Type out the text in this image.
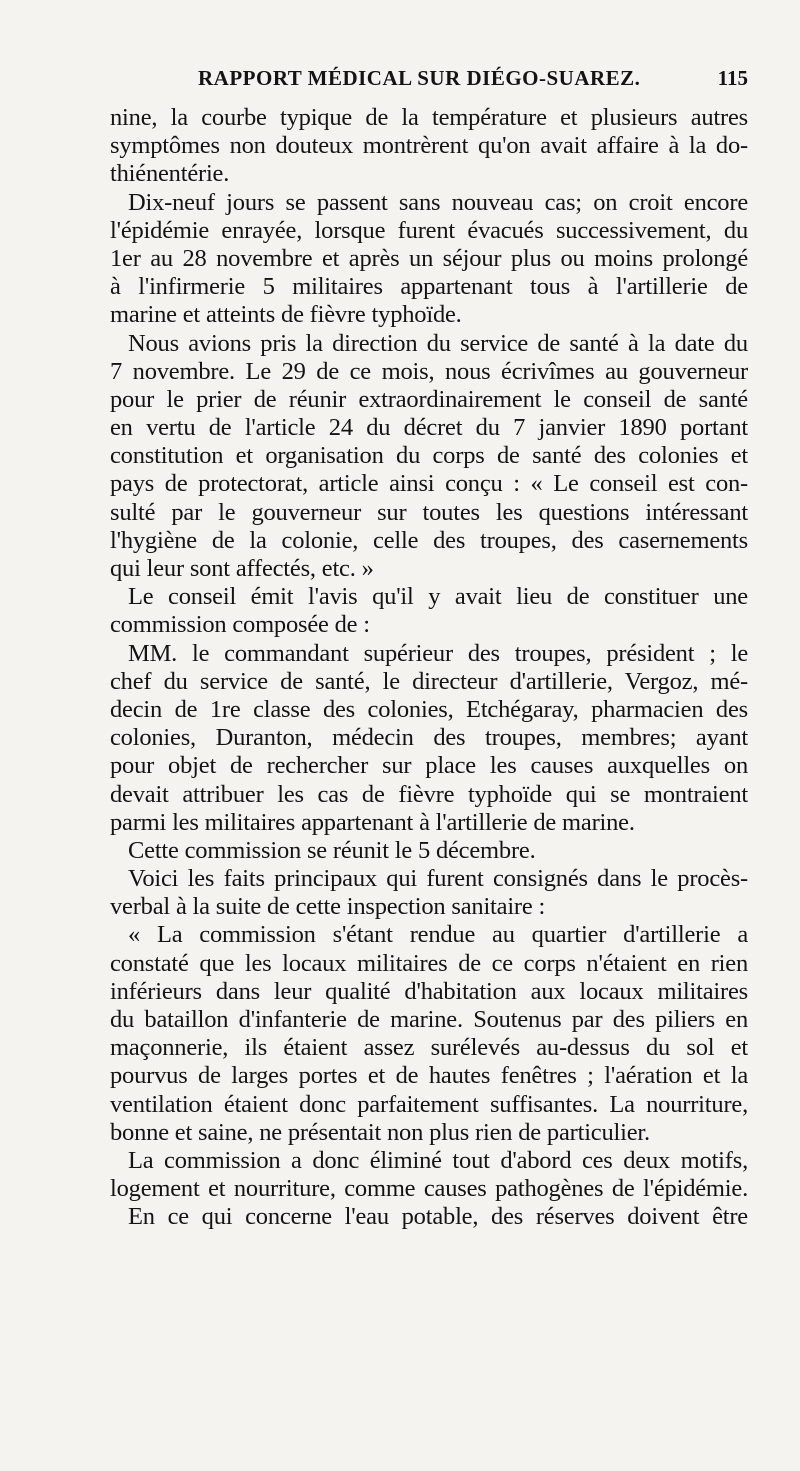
RAPPORT MÉDICAL SUR DIÉGO-SUAREZ.	115
nine, la courbe typique de la température et plusieurs autres
symptômes non douteux montrèrent qu'on avait affaire à la do-
thiénentérie.
Dix-neuf jours se passent sans nouveau cas; on croit encore
l'épidémie enrayée, lorsque furent évacués successivement, du
1er au 28 novembre et après un séjour plus ou moins prolongé
à l'infirmerie 5 militaires appartenant tous à l'artillerie de
marine et atteints de fièvre typhoïde.
Nous avions pris la direction du service de santé à la date du
7 novembre. Le 29 de ce mois, nous écrivîmes au gouverneur
pour le prier de réunir extraordinairement le conseil de santé
en vertu de l'article 24 du décret du 7 janvier 1890 portant
constitution et organisation du corps de santé des colonies et
pays de protectorat, article ainsi conçu : « Le conseil est con-
sulté par le gouverneur sur toutes les questions intéressant
l'hygiène de la colonie, celle des troupes, des casernements
qui leur sont affectés, etc. »
Le conseil émit l'avis qu'il y avait lieu de constituer une
commission composée de :
MM. le commandant supérieur des troupes, président ; le
chef du service de santé, le directeur d'artillerie, Vergoz, mé-
decin de 1re classe des colonies, Etchégaray, pharmacien des
colonies, Duranton, médecin des troupes, membres; ayant
pour objet de rechercher sur place les causes auxquelles on
devait attribuer les cas de fièvre typhoïde qui se montraient
parmi les militaires appartenant à l'artillerie de marine.
Cette commission se réunit le 5 décembre.
Voici les faits principaux qui furent consignés dans le procès-
verbal à la suite de cette inspection sanitaire :
« La commission s'étant rendue au quartier d'artillerie a
constaté que les locaux militaires de ce corps n'étaient en rien
inférieurs dans leur qualité d'habitation aux locaux militaires
du bataillon d'infanterie de marine. Soutenus par des piliers en
maçonnerie, ils étaient assez surélevés au-dessus du sol et
pourvus de larges portes et de hautes fenêtres ; l'aération et la
ventilation étaient donc parfaitement suffisantes. La nourriture,
bonne et saine, ne présentait non plus rien de particulier.
La commission a donc éliminé tout d'abord ces deux motifs,
logement et nourriture, comme causes pathogènes de l'épidémie.
En ce qui concerne l'eau potable, des réserves doivent être
